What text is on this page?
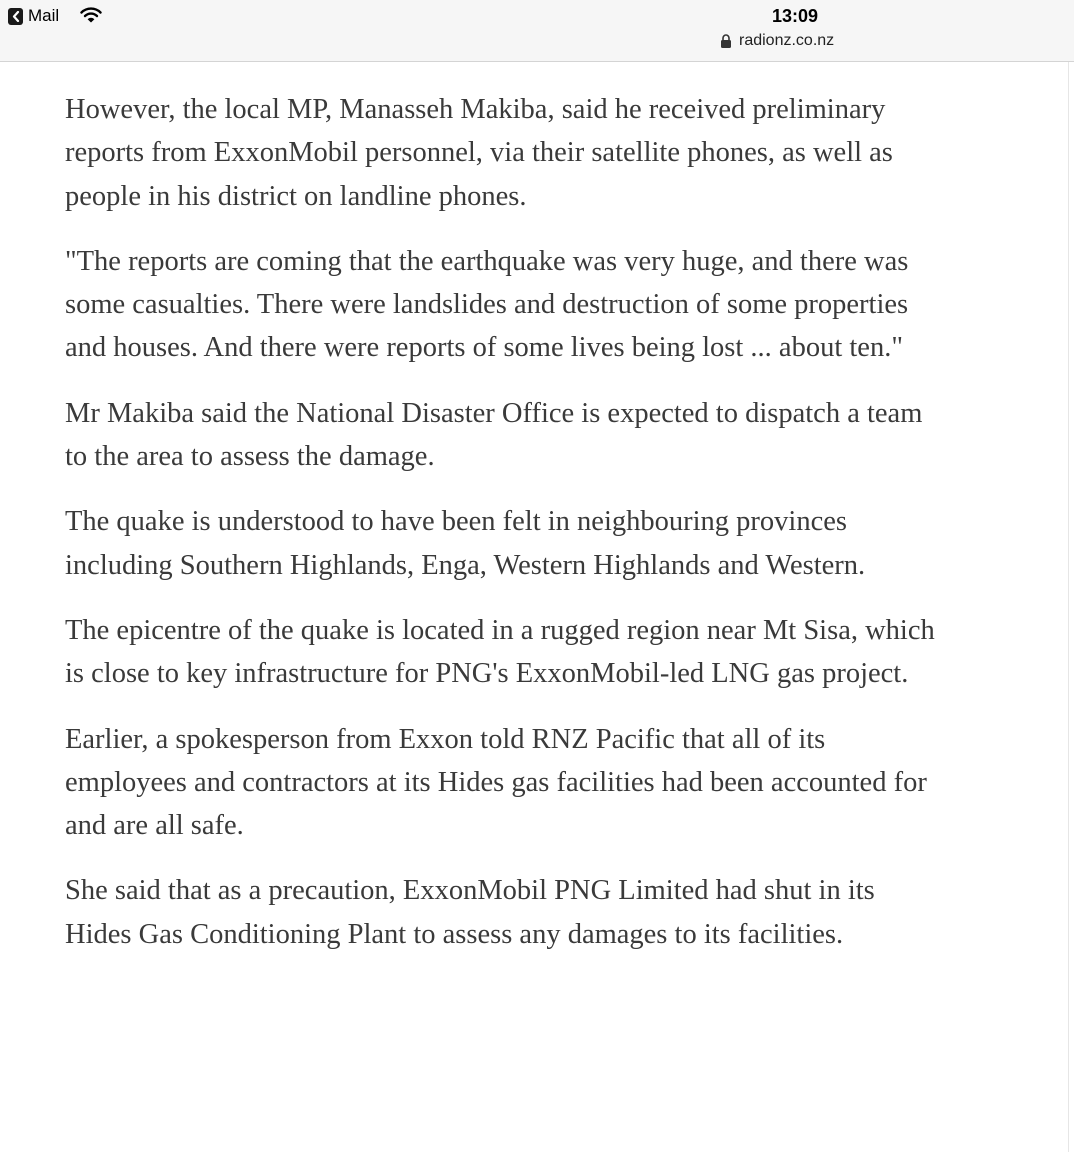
Mail	13:09
radionz.co.nz

However, the local MP, Manasseh Makiba, said he received preliminary reports from ExxonMobil personnel, via their satellite phones, as well as people in his district on landline phones.

"The reports are coming that the earthquake was very huge, and there was some casualties. There were landslides and destruction of some properties and houses. And there were reports of some lives being lost ... about ten."

Mr Makiba said the National Disaster Office is expected to dispatch a team to the area to assess the damage.

The quake is understood to have been felt in neighbouring provinces including Southern Highlands, Enga, Western Highlands and Western.

The epicentre of the quake is located in a rugged region near Mt Sisa, which is close to key infrastructure for PNG's ExxonMobil-led LNG gas project.

Earlier, a spokesperson from Exxon told RNZ Pacific that all of its employees and contractors at its Hides gas facilities had been accounted for and are all safe.

She said that as a precaution, ExxonMobil PNG Limited had shut in its Hides Gas Conditioning Plant to assess any damages to its facilities.
